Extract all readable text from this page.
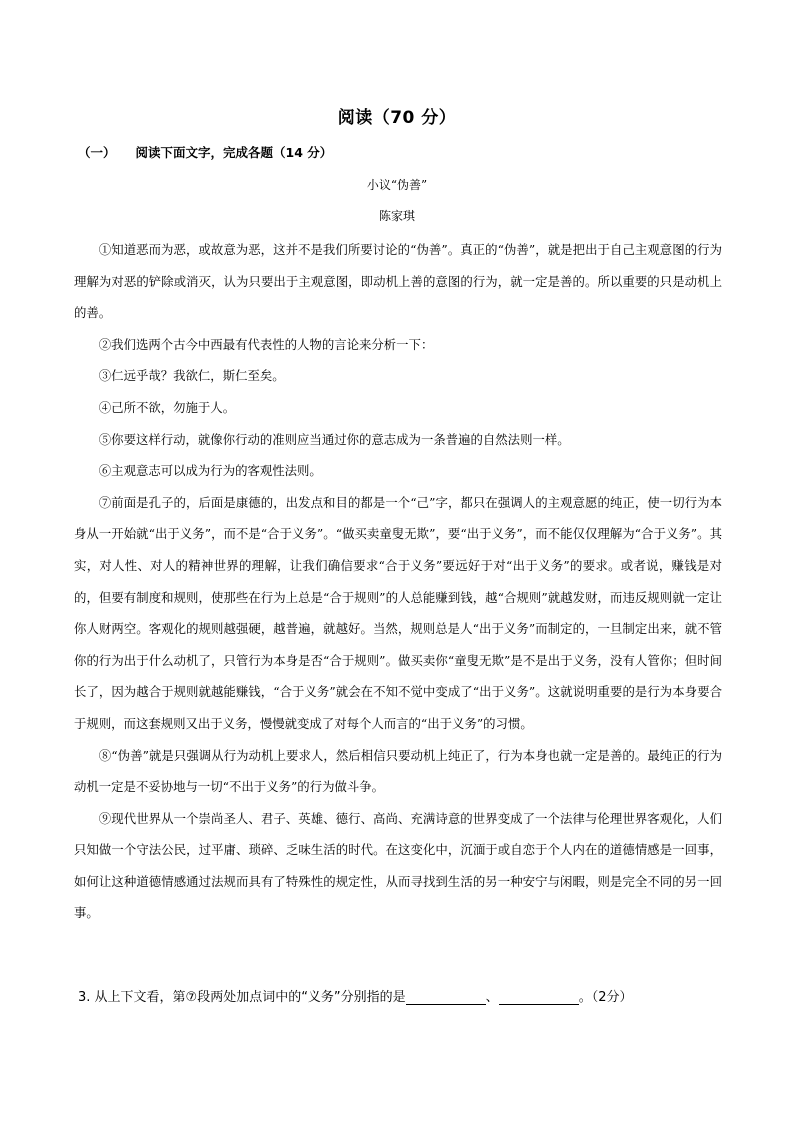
阅读（70 分）
（一） 阅读下面文字，完成各题（14 分）
小议“伪善”
陈家琪

①知道恶而为恶，或故意为恶，这并不是我们所要讨论的“伪善”。真正的“伪善”，就是把出于自己主观意图的行为理解为对恶的铲除或消灭，认为只要出于主观意图，即动机上善的意图的行为，就一定是善的。所以重要的只是动机上的善。

②我们选两个古今中西最有代表性的人物的言论来分析一下：

③仁远乎哉？我欲仁，斯仁至矣。

④己所不欲，勿施于人。

⑤你要这样行动，就像你行动的准则应当通过你的意志成为一条普遍的自然法则一样。

⑥主观意志可以成为行为的客观性法则。

⑦前面是孔子的，后面是康德的，出发点和目的都是一个“己”字，都只在强调人的主观意愿的纯正，使一切行为本身从一开始就“出于义务”，而不是“合于义务”。“做买卖童叟无欺”，要“出于义务”，而不能仅仅理解为“合于义务”。其实，对人性、对人的精神世界的理解，让我们确信要求“合于义务”要远好于对“出于义务”的要求。或者说，赚钱是对的，但要有制度和规则，使那些在行为上总是“合于规则”的人总能赚到钱，越“合规则”就越发财，而违反规则就一定让你人财两空。客观化的规则越强硬，越普遍，就越好。当然，规则总是人“出于义务”而制定的，一旦制定出来，就不管你的行为出于什么动机了，只管行为本身是否“合于规则”。做买卖你“童叟无欺”是不是出于义务，没有人管你；但时间长了，因为越合于规则就越能赚钱，“合于义务”就会在不知不觉中变成了“出于义务”。这就说明重要的是行为本身要合于规则，而这套规则又出于义务，慢慢就变成了对每个人而言的“出于义务”的习惯。

⑧“伪善”就是只强调从行为动机上要求人，然后相信只要动机上纯正了，行为本身也就一定是善的。最纯正的行为动机一定是不妥协地与一切“不出于义务”的行为做斗争。

⑨现代世界从一个崇尚圣人、君子、英雄、德行、高尚、充满诗意的世界变成了一个法律与伦理世界客观化，人们只知做一个守法公民，过平庸、琐碎、乏味生活的时代。在这变化中，沉湎于或自恋于个人内在的道德情感是一回事，如何让这种道德情感通过法规而具有了特殊性的规定性，从而寻找到生活的另一种安宁与闲暇，则是完全不同的另一回事。

3. 从上下文看，第⑦段两处加点词中的“义务”分别指的是	、	。（2分）
